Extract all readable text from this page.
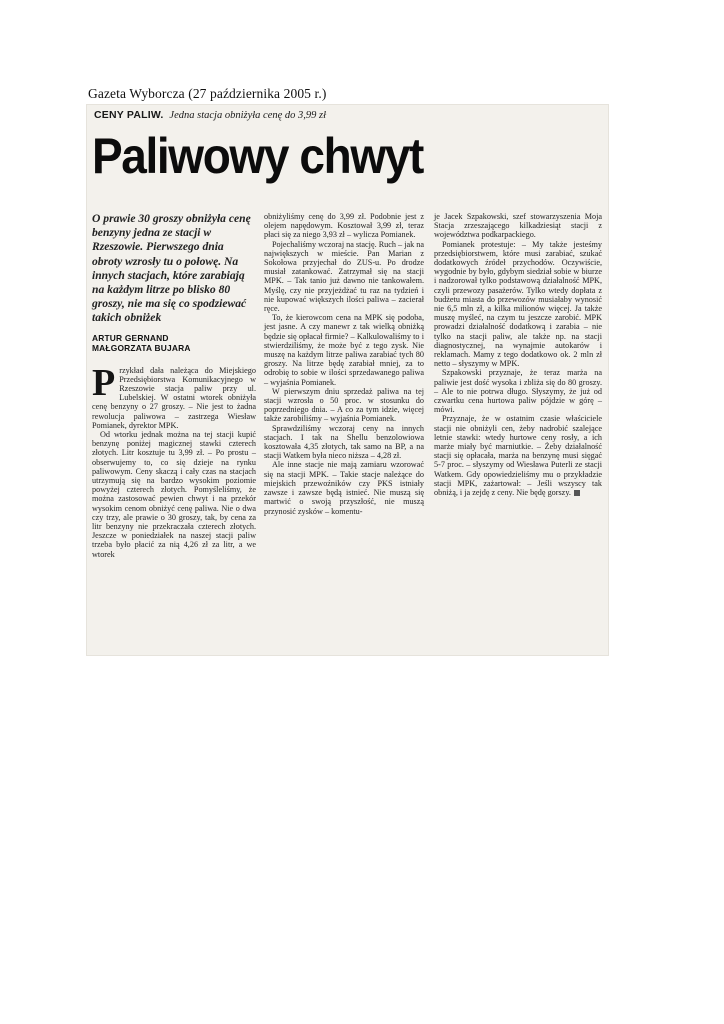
Gazeta Wyborcza (27 października 2005 r.)
CENY PALIW. Jedna stacja obniżyła cenę do 3,99 zł
Paliwowy chwyt

O prawie 30 groszy obniżyła cenę benzyny jedna ze stacji w Rzeszowie. Pierwszego dnia obroty wzrosły tu o połowę. Na innych stacjach, które zarabiają na każdym litrze po blisko 80 groszy, nie ma się co spodziewać takich obniżek

ARTUR GERNAND

MAŁGORZATA BUJARA

P rzykład dała należąca do Miejskiego Przedsiębiorstwa Komunikacyjnego w Rzeszowie stacja paliw przy ul. Lubelskiej. W ostatni wtorek obniżyła cenę benzyny o 27 groszy. – Nie jest to żadna rewolucja paliwowa – zastrzega Wiesław Pomianek, dyrektor MPK.

Od wtorku jednak można na tej stacji kupić benzynę poniżej magicznej stawki czterech złotych. Litr kosztuje tu 3,99 zł. – Po prostu – obserwujemy to, co się dzieje na rynku paliwowym. Ceny skaczą i cały czas na stacjach utrzymują się na bardzo wysokim poziomie powyżej czterech złotych. Pomyśleliśmy, że można zastosować pewien chwyt i na przekór wysokim cenom obniżyć cenę paliwa. Nie o dwa czy trzy, ale prawie o 30 groszy, tak, by cena za litr benzyny nie przekraczała czterech złotych. Jeszcze w poniedziałek na naszej stacji paliw trzeba było płacić za nią 4,26 zł za litr, a we wtorek

obniżyliśmy cenę do 3,99 zł. Podobnie jest z olejem napędowym. Kosztował 3,99 zł, teraz płaci się za niego 3,93 zł – wylicza Pomianek.

Pojechaliśmy wczoraj na stację. Ruch – jak na największych w mieście. Pan Marian z Sokołowa przyjechał do ZUS-u. Po drodze musiał zatankować. Zatrzymał się na stacji MPK. – Tak tanio już dawno nie tankowałem. Myślę, czy nie przyjeżdżać tu raz na tydzień i nie kupować większych ilości paliwa – zacierał ręce.

To, że kierowcom cena na MPK się podoba, jest jasne. A czy manewr z tak wielką obniżką będzie się opłacał firmie? – Kalkulowaliśmy to i stwierdziliśmy, że może być z tego zysk. Nie muszę na każdym litrze paliwa zarabiać tych 80 groszy. Na litrze będę zarabiał mniej, za to odrobię to sobie w ilości sprzedawanego paliwa – wyjaśnia Pomianek.

W pierwszym dniu sprzedaż paliwa na tej stacji wzrosła o 50 proc. w stosunku do poprzedniego dnia. – A co za tym idzie, więcej także zarobiliśmy – wyjaśnia Pomianek.

Sprawdziliśmy wczoraj ceny na innych stacjach. I tak na Shellu benzolowiowa kosztowała 4,35 złotych, tak samo na BP, a na stacji Watkem była nieco niższa – 4,28 zł.

Ale inne stacje nie mają zamiaru wzorować się na stacji MPK. – Takie stacje należące do miejskich przewoźników czy PKS istniały zawsze i zawsze będą istnieć. Nie muszą się martwić o swoją przyszłość, nie muszą przynosić zysków – komentu-

je Jacek Szpakowski, szef stowarzyszenia Moja Stacja zrzeszającego kilkadziesiąt stacji z województwa podkarpackiego.

Pomianek protestuje: – My także jesteśmy przedsiębiorstwem, które musi zarabiać, szukać dodatkowych źródeł przychodów. Oczywiście, wygodnie by było, gdybym siedział sobie w biurze i nadzorował tylko podstawową działalność MPK, czyli przewozy pasażerów. Tylko wtedy dopłata z budżetu miasta do przewozów musiałaby wynosić nie 6,5 mln zł, a kilka milionów więcej. Ja także muszę myśleć, na czym tu jeszcze zarobić. MPK prowadzi działalność dodatkową i zarabia – nie tylko na stacji paliw, ale także np. na stacji diagnostycznej, na wynajmie autokarów i reklamach. Mamy z tego dodatkowo ok. 2 mln zł netto – słyszymy w MPK.

Szpakowski przyznaje, że teraz marża na paliwie jest dość wysoka i zbliża się do 80 groszy. – Ale to nie potrwa długo. Słyszymy, że już od czwartku cena hurtowa paliw pójdzie w górę – mówi.

Przyznaje, że w ostatnim czasie właściciele stacji nie obniżyli cen, żeby nadrobić szalejące letnie stawki: wtedy hurtowe ceny rosły, a ich marże miały być marniutkie. – Żeby działalność stacji się opłacała, marża na benzynę musi sięgać 5-7 proc. – słyszymy od Wiesława Puterli ze stacji Watkem. Gdy opowiedzieliśmy mu o przykładzie stacji MPK, zażartował: – Jeśli wszyscy tak obniżą, i ja zejdę z ceny. Nie będę gorszy.
